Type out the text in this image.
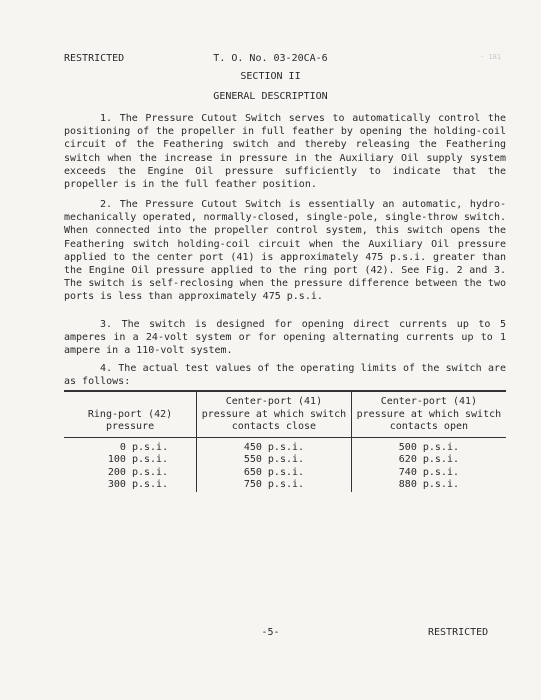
RESTRICTED	T. O. No. 03-20CA-6	· 181
SECTION II
GENERAL DESCRIPTION
1. The Pressure Cutout Switch serves to automatically control the positioning of the propeller in full feather by opening the holding-coil circuit of the Feathering switch and thereby releasing the Feathering switch when the increase in pressure in the Auxiliary Oil supply system exceeds the Engine Oil pressure sufficiently to indicate that the propeller is in the full feather position.
2. The Pressure Cutout Switch is essentially an automatic, hydro-mechanically operated, normally-closed, single-pole, single-throw switch. When connected into the propeller control system, this switch opens the Feathering switch holding-coil circuit when the Auxiliary Oil pressure applied to the center port (41) is approximately 475 p.s.i. greater than the Engine Oil pressure applied to the ring port (42). See Fig. 2 and 3. The switch is self-reclosing when the pressure difference between the two ports is less than approximately 475 p.s.i.
3. The switch is designed for opening direct currents up to 5 amperes in a 24-volt system or for opening alternating currents up to 1 ampere in a 110-volt system.
4. The actual test values of the operating limits of the switch are as follows:
Ring-port (42) pressure	Center-port (41) pressure at which switch contacts close	Center-port (41) pressure at which switch contacts open
0 p.s.i.	450 p.s.i.	500 p.s.i.
100 p.s.i.	550 p.s.i.	620 p.s.i.
200 p.s.i.	650 p.s.i.	740 p.s.i.
300 p.s.i.	750 p.s.i.	880 p.s.i.
-5-	RESTRICTED
